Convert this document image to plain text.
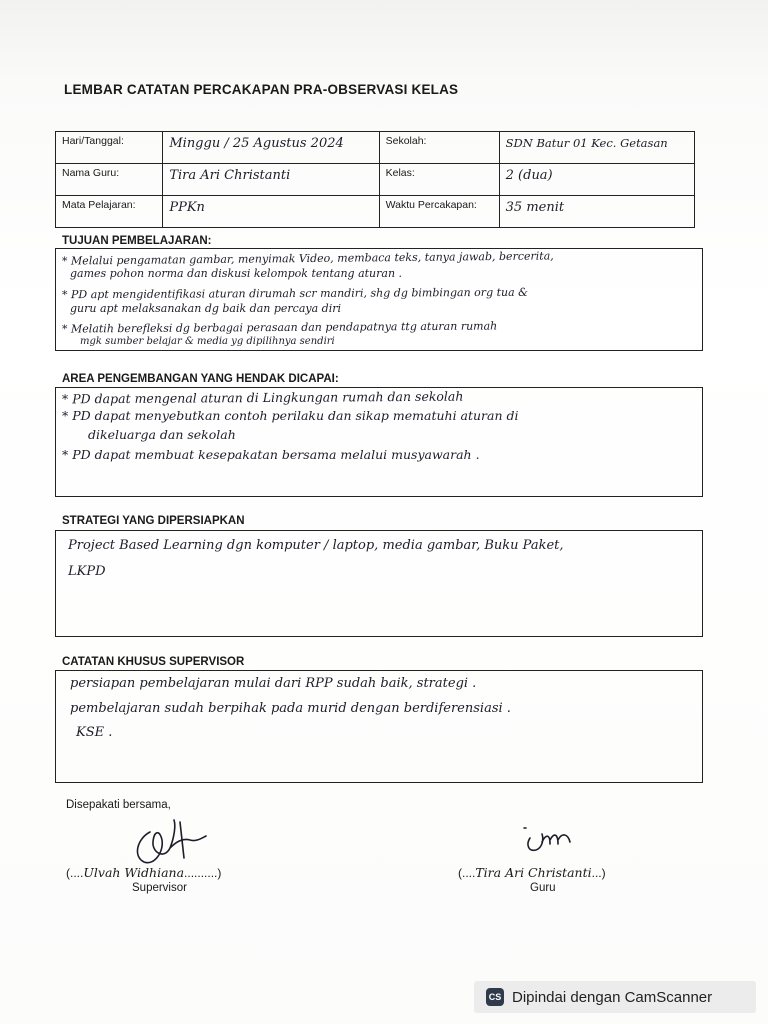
LEMBAR CATATAN PERCAKAPAN PRA-OBSERVASI KELAS
Hari/Tanggal:	Minggu / 25 Agustus 2024	Sekolah:	SDN Batur 01 Kec. Getasan
Nama Guru:	Tira Ari Christanti	Kelas:	2 (dua)
Mata Pelajaran:	PPKn	Waktu Percakapan:	35 menit
TUJUAN PEMBELAJARAN:
* Melalui pengamatan gambar, menyimak Video, membaca teks, tanya jawab, bercerita,
games pohon norma dan diskusi kelompok tentang aturan .
* PD apt mengidentifikasi aturan dirumah scr mandiri, shg dg bimbingan org tua &
guru apt melaksanakan dg baik dan percaya diri
* Melatih berefleksi dg berbagai perasaan dan pendapatnya ttg aturan rumah
mgk sumber belajar & media yg dipilihnya sendiri
AREA PENGEMBANGAN YANG HENDAK DICAPAI:
* PD dapat mengenal aturan di Lingkungan rumah dan sekolah
* PD dapat menyebutkan contoh perilaku dan sikap mematuhi aturan di
dikeluarga dan sekolah
* PD dapat membuat kesepakatan bersama melalui musyawarah .
STRATEGI YANG DIPERSIAPKAN
Project Based Learning dgn komputer / laptop, media gambar, Buku Paket,
LKPD
CATATAN KHUSUS SUPERVISOR
persiapan pembelajaran mulai dari RPP sudah baik, strategi .
pembelajaran sudah berpihak pada murid dengan berdiferensiasi .
KSE .
Disepakati bersama,
(....Ulvah Widhiana..........)
Supervisor
(....Tira Ari Christanti...)
Guru
CS Dipindai dengan CamScanner
